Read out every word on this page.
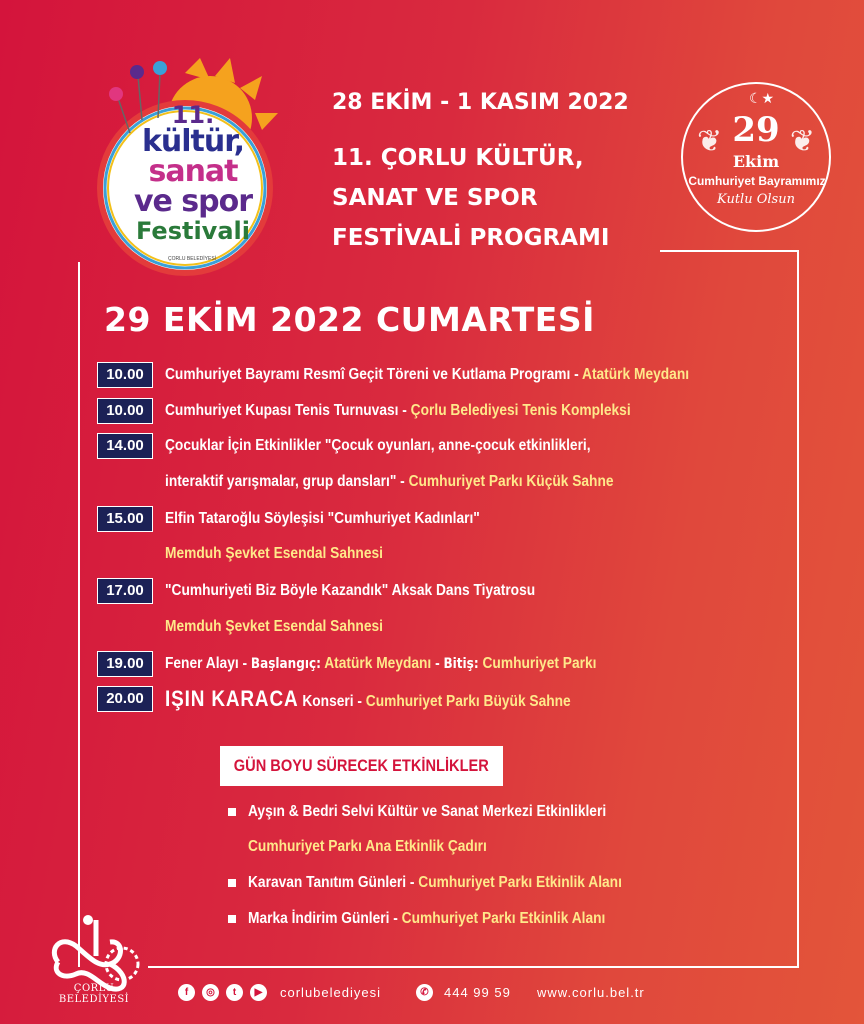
11.
kültür, sanat
ve spor
Festivali
ÇORLU BELEDİYESİ
28 EKİM - 1 KASIM 2022
11. ÇORLU KÜLTÜR,
SANAT VE SPOR
FESTİVALİ PROGRAMI
☾★
❦ ❦
29
Ekim
Cumhuriyet Bayramımız
Kutlu Olsun
29 EKİM 2022 CUMARTESİ
10.00	Cumhuriyet Bayramı Resmî Geçit Töreni ve Kutlama Programı - Atatürk Meydanı
10.00	Cumhuriyet Kupası Tenis Turnuvası - Çorlu Belediyesi Tenis Kompleksi
14.00	Çocuklar İçin Etkinlikler "Çocuk oyunları, anne-çocuk etkinlikleri,
interaktif yarışmalar, grup dansları" - Cumhuriyet Parkı Küçük Sahne
15.00	Elfin Tataroğlu Söyleşisi "Cumhuriyet Kadınları"
Memduh Şevket Esendal Sahnesi
17.00	"Cumhuriyeti Biz Böyle Kazandık" Aksak Dans Tiyatrosu
Memduh Şevket Esendal Sahnesi
19.00	Fener Alayı - Başlangıç: Atatürk Meydanı - Bitiş: Cumhuriyet Parkı
20.00 IŞIN KARACA Konseri - Cumhuriyet Parkı Büyük Sahne
GÜN BOYU SÜRECEK ETKİNLİKLER
Ayşın & Bedri Selvi Kültür ve Sanat Merkezi Etkinlikleri
Cumhuriyet Parkı Ana Etkinlik Çadırı
Karavan Tanıtım Günleri - Cumhuriyet Parkı Etkinlik Alanı
Marka İndirim Günleri - Cumhuriyet Parkı Etkinlik Alanı
ÇORLU BELEDİYESİ
f	◎	t	▶	corlubelediyesi	✆	444 99 59 www.corlu.bel.tr
